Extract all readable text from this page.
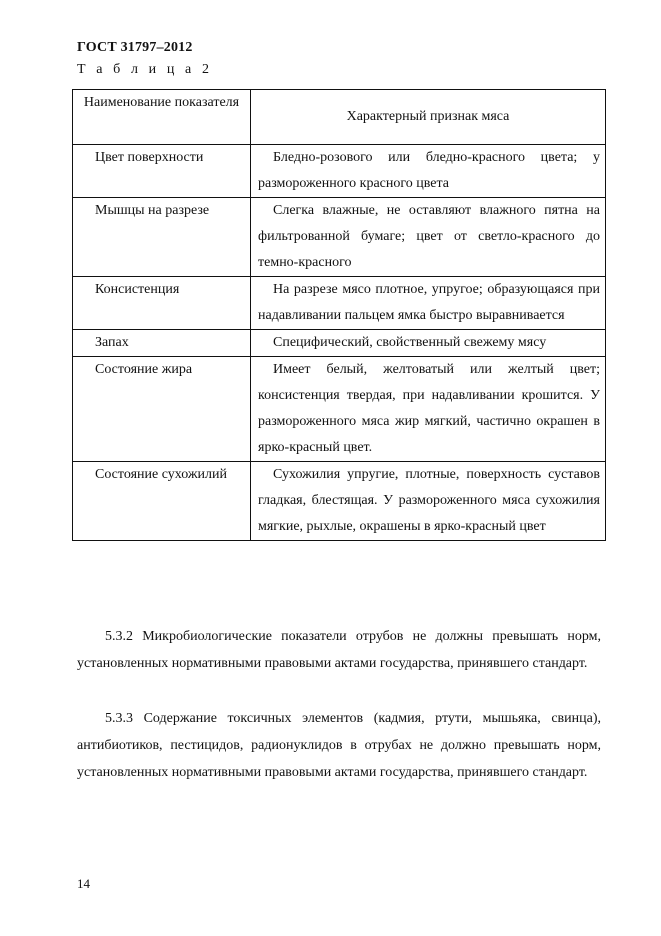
ГОСТ 31797–2012
Т а б л и ц а 2
Наименование показателя	Характерный признак мяса
Цвет поверхности	Бледно-розового или бледно-красного цвета; у размороженного красного цвета
Мышцы на разрезе	Слегка влажные, не оставляют влажного пятна на фильтрованной бумаге; цвет от светло-красного до темно-красного
Консистенция	На разрезе мясо плотное, упругое; образующаяся при надавливании пальцем ямка быстро выравнивается
Запах	Специфический, свойственный свежему мясу
Состояние жира	Имеет белый, желтоватый или желтый цвет; консистенция твердая, при надавливании крошится. У размороженного мяса жир мягкий, частично окрашен в ярко-красный цвет.
Состояние сухожилий	Сухожилия упругие, плотные, поверхность суставов гладкая, блестящая. У размороженного мяса сухожилия мягкие, рыхлые, окрашены в ярко-красный цвет

5.3.2 Микробиологические показатели отрубов не должны превышать норм, установленных нормативными правовыми актами государства, принявшего стандарт.

5.3.3 Содержание токсичных элементов (кадмия, ртути, мышьяка, свинца), антибиотиков, пестицидов, радионуклидов в отрубах не должно превышать норм, установленных нормативными правовыми актами государства, принявшего стандарт.

14
